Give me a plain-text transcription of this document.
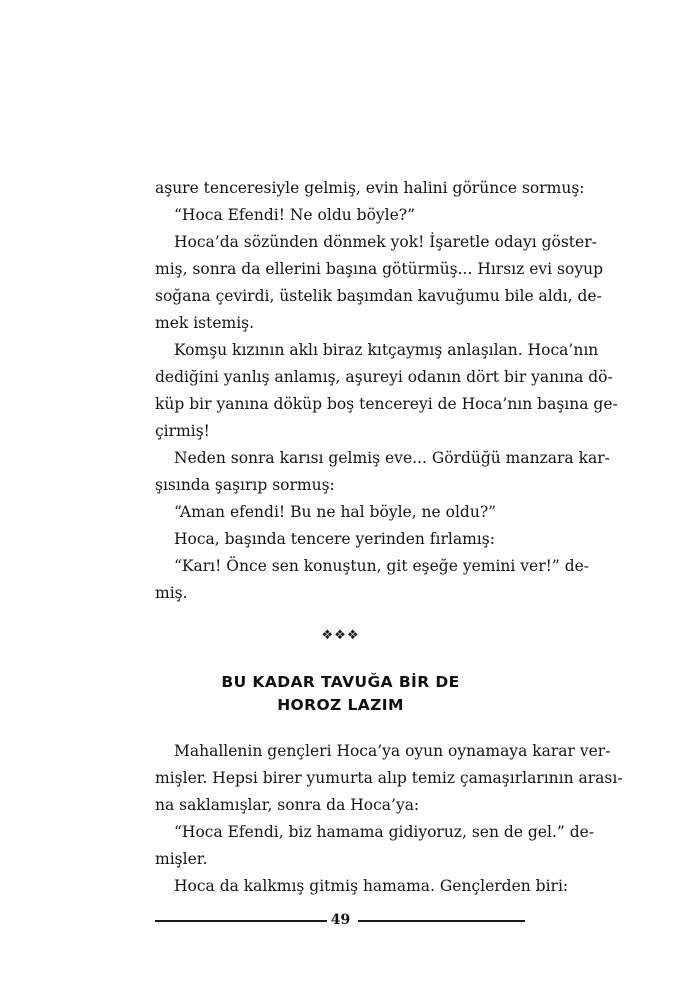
aşure tenceresiyle gelmiş, evin halini görünce sormuş:
“Hoca Efendi! Ne oldu böyle?”
Hoca’da sözünden dönmek yok! İşaretle odayı göster-
miş, sonra da ellerini başına götürmüş... Hırsız evi soyup
soğana çevirdi, üstelik başımdan kavuğumu bile aldı, de-
mek istemiş.
Komşu kızının aklı biraz kıtçaymış anlaşılan. Hoca’nın
dediğini yanlış anlamış, aşureyi odanın dört bir yanına dö-
küp bir yanına döküp boş tencereyi de Hoca’nın başına ge-
çirmiş!
Neden sonra karısı gelmiş eve... Gördüğü manzara kar-
şısında şaşırıp sormuş:
“Aman efendi! Bu ne hal böyle, ne oldu?”
Hoca, başında tencere yerinden fırlamış:
“Karı! Önce sen konuştun, git eşeğe yemini ver!” de-
miş.
❖❖❖
BU KADAR TAVUĞA BİR DE
HOROZ LAZIM
Mahallenin gençleri Hoca’ya oyun oynamaya karar ver-
mişler. Hepsi birer yumurta alıp temiz çamaşırlarının arası-
na saklamışlar, sonra da Hoca’ya:
“Hoca Efendi, biz hamama gidiyoruz, sen de gel.” de-
mişler.
Hoca da kalkmış gitmiş hamama. Gençlerden biri:
49
